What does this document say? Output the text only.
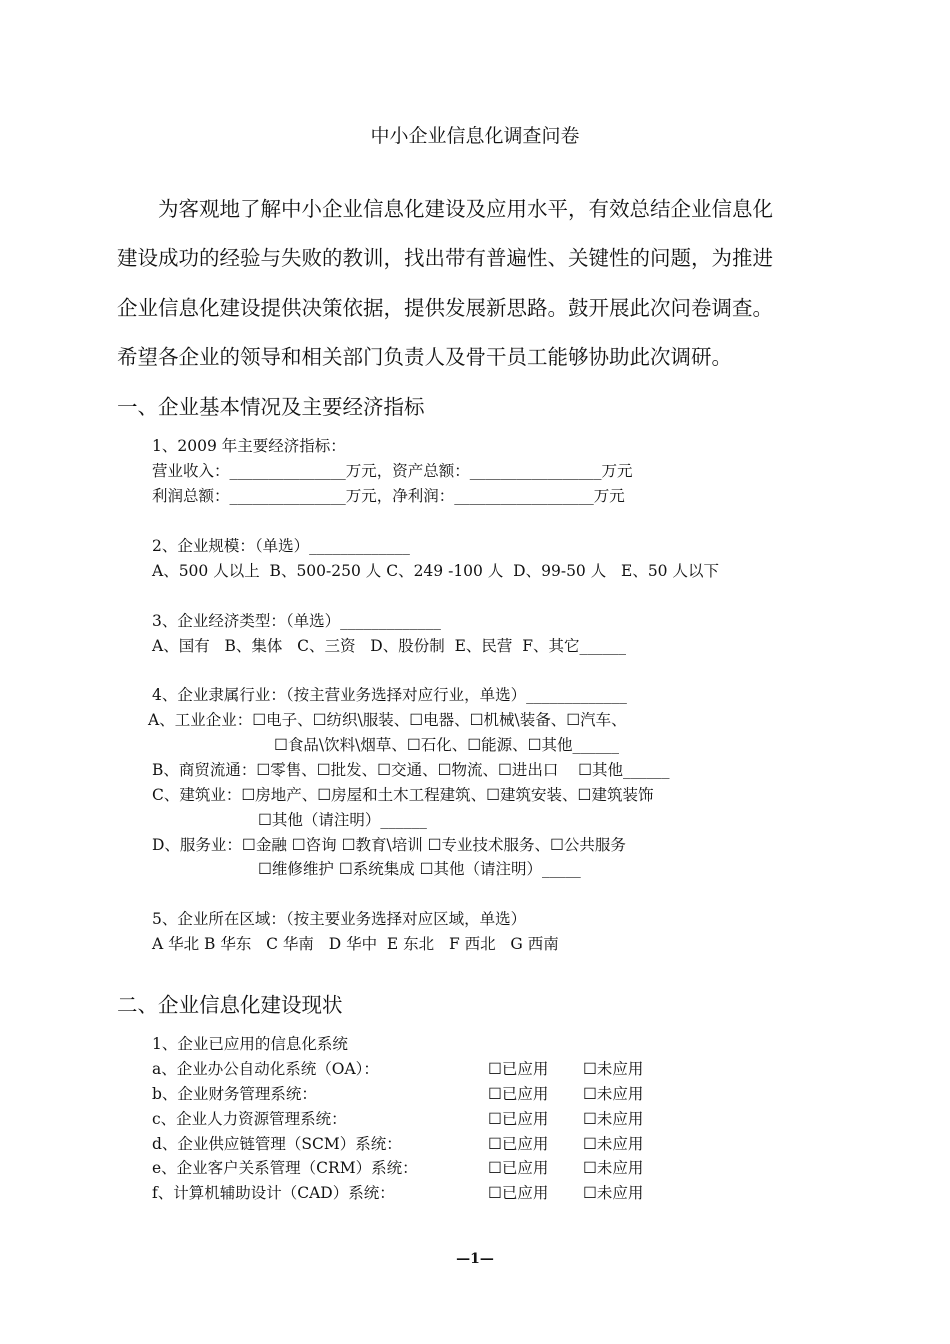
中小企业信息化调查问卷
为客观地了解中小企业信息化建设及应用水平，有效总结企业信息化
建设成功的经验与失败的教训，找出带有普遍性、关键性的问题，为推进
企业信息化建设提供决策依据，提供发展新思路。鼓开展此次问卷调查。
希望各企业的领导和相关部门负责人及骨干员工能够协助此次调研。
一、企业基本情况及主要经济指标
1、2009 年主要经济指标：
营业收入：_______________万元，资产总额：_________________万元
利润总额：_______________万元，净利润：__________________万元
2、企业规模：（单选）_____________
A、500 人以上  B、500-250 人 C、249 -100 人  D、99-50 人   E、50 人以下
3、企业经济类型：（单选）_____________
A、国有   B、集体   C、三资   D、股份制  E、民营  F、其它______
4、企业隶属行业：（按主营业务选择对应行业，单选）_____________
A、工业企业：☐电子、☐纺织\服装、☐电器、☐机械\装备、☐汽车、
☐食品\饮料\烟草、☐石化、☐能源、☐其他______
B、商贸流通：☐零售、☐批发、☐交通、☐物流、☐进出口    ☐其他______
C、建筑业：☐房地产、☐房屋和土木工程建筑、☐建筑安装、☐建筑装饰
☐其他（请注明）______
D、服务业：☐金融 ☐咨询 ☐教育\培训 ☐专业技术服务、☐公共服务
☐维修维护 ☐系统集成 ☐其他（请注明）_____
5、企业所在区域：（按主要业务选择对应区域，单选）
A 华北 B 华东   C 华南   D 华中  E 东北   F 西北   G 西南
二、企业信息化建设现状
1、企业已应用的信息化系统
a、企业办公自动化系统（OA）：	☐已应用 ☐未应用
b、企业财务管理系统：	☐已应用 ☐未应用
c、企业人力资源管理系统：	☐已应用 ☐未应用
d、企业供应链管理（SCM）系统：	☐已应用 ☐未应用
e、企业客户关系管理（CRM）系统：	☐已应用 ☐未应用
f、计算机辅助设计（CAD）系统：	☐已应用 ☐未应用
—1—
